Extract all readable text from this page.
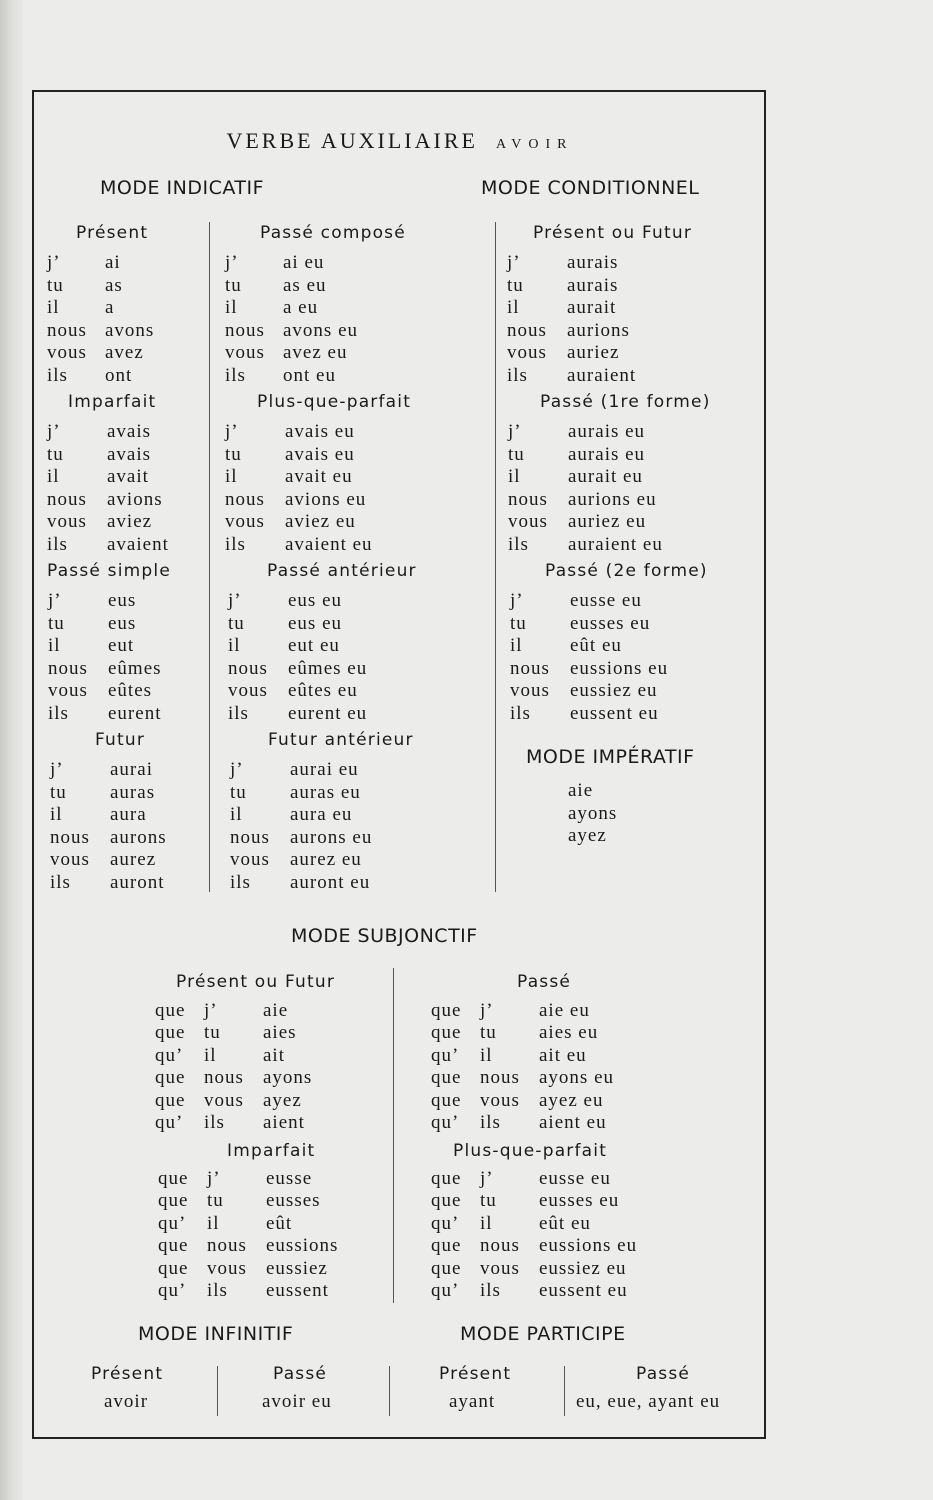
VERBE AUXILIAIRE AVOIR
MODE INDICATIF	MODE CONDITIONNEL
Présent
j’ ai
tu as
il a
nous avons
vous avez
ils ont
Imparfait
j’ avais
tu avais
il avait
nous avions
vous aviez
ils avaient
Passé simple
j’ eus
tu eus
il eut
nous eûmes
vous eûtes
ils eurent
Futur
j’ aurai
tu auras
il aura
nous aurons
vous aurez
ils auront
Passé composé
j’ ai eu
tu as eu
il a eu
nous avons eu
vous avez eu
ils ont eu
Plus-que-parfait
j’ avais eu
tu avais eu
il avait eu
nous avions eu
vous aviez eu
ils avaient eu
Passé antérieur
j’ eus eu
tu eus eu
il eut eu
nous eûmes eu
vous eûtes eu
ils eurent eu
Futur antérieur
j’ aurai eu
tu auras eu
il aura eu
nous aurons eu
vous aurez eu
ils auront eu
Présent ou Futur
j’ aurais
tu aurais
il aurait
nous aurions
vous auriez
ils auraient
Passé (1re forme)
j’ aurais eu
tu aurais eu
il aurait eu
nous aurions eu
vous auriez eu
ils auraient eu
Passé (2e forme)
j’ eusse eu
tu eusses eu
il eût eu
nous eussions eu
vous eussiez eu
ils eussent eu
MODE IMPÉRATIF
aie
ayons
ayez
MODE SUBJONCTIF
Présent ou Futur
que j’ aie
que tu aies
qu’ il ait
que nous ayons
que vous ayez
qu’ ils aient
Imparfait
que j’ eusse
que tu eusses
qu’ il eût
que nous eussions
que vous eussiez
qu’ ils eussent
Passé
que j’ aie eu
que tu aies eu
qu’ il ait eu
que nous ayons eu
que vous ayez eu
qu’ ils aient eu
Plus-que-parfait
que j’ eusse eu
que tu eusses eu
qu’ il eût eu
que nous eussions eu
que vous eussiez eu
qu’ ils eussent eu
MODE INFINITIF	MODE PARTICIPE
Présent	Passé	Présent	Passé
avoir	avoir eu	ayant	eu, eue, ayant eu
